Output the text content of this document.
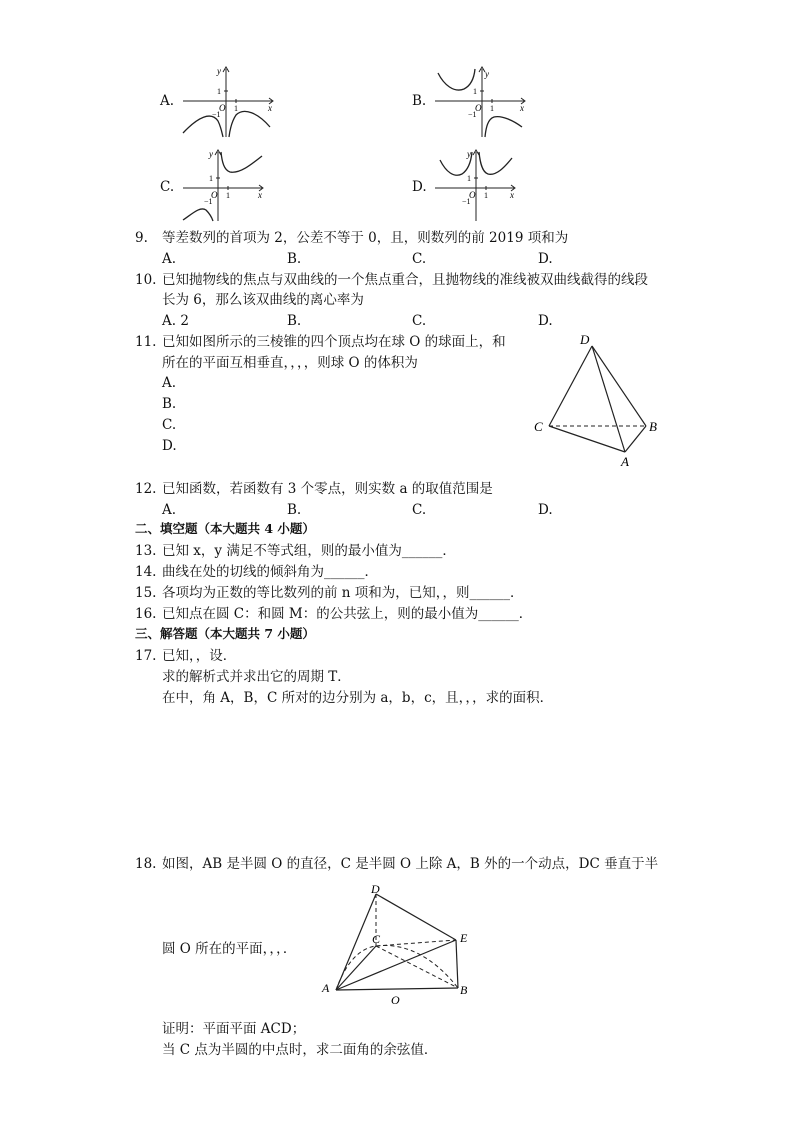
A.
y
x
O
1
1
−1
B.
y
x
O
1
1
−1
C.
y
x
O
1
1
−1
D.
y
x
O
1
1
−1
9. 等差数列的首项为 2，公差不等于 0，且，则数列的前 2019 项和为
A.	B.	C.	D.
10. 已知抛物线的焦点与双曲线的一个焦点重合，且抛物线的准线被双曲线截得的线段
长为 6，那么该双曲线的离心率为
A. 2	B.	C.	D.
11. 已知如图所示的三棱锥的四个顶点均在球 O 的球面上，和
所在的平面互相垂直，，，，则球 O 的体积为
A.
B.
C.
D.
D
C	B
A
12. 已知函数，若函数有 3 个零点，则实数 a 的取值范围是
A.	B.	C.	D.
二、填空题（本大题共 4 小题）
13. 已知 x，y 满足不等式组，则的最小值为______．
14. 曲线在处的切线的倾斜角为______．
15. 各项均为正数的等比数列的前 n 项和为，已知，，则______．
16. 已知点在圆 C：和圆 M：的公共弦上，则的最小值为______．
三、解答题（本大题共 7 小题）
17. 已知，，设．
求的解析式并求出它的周期 T．
在中，角 A，B，C 所对的边分别为 a，b，c，且，，，求的面积．
18. 如图，AB 是半圆 O 的直径，C 是半圆 O 上除 A，B 外的一个动点，DC 垂直于半
圆 O 所在的平面，，，．
D
C	E
A
O
B
证明：平面平面 ACD；
当 C 点为半圆的中点时，求二面角的余弦值．
